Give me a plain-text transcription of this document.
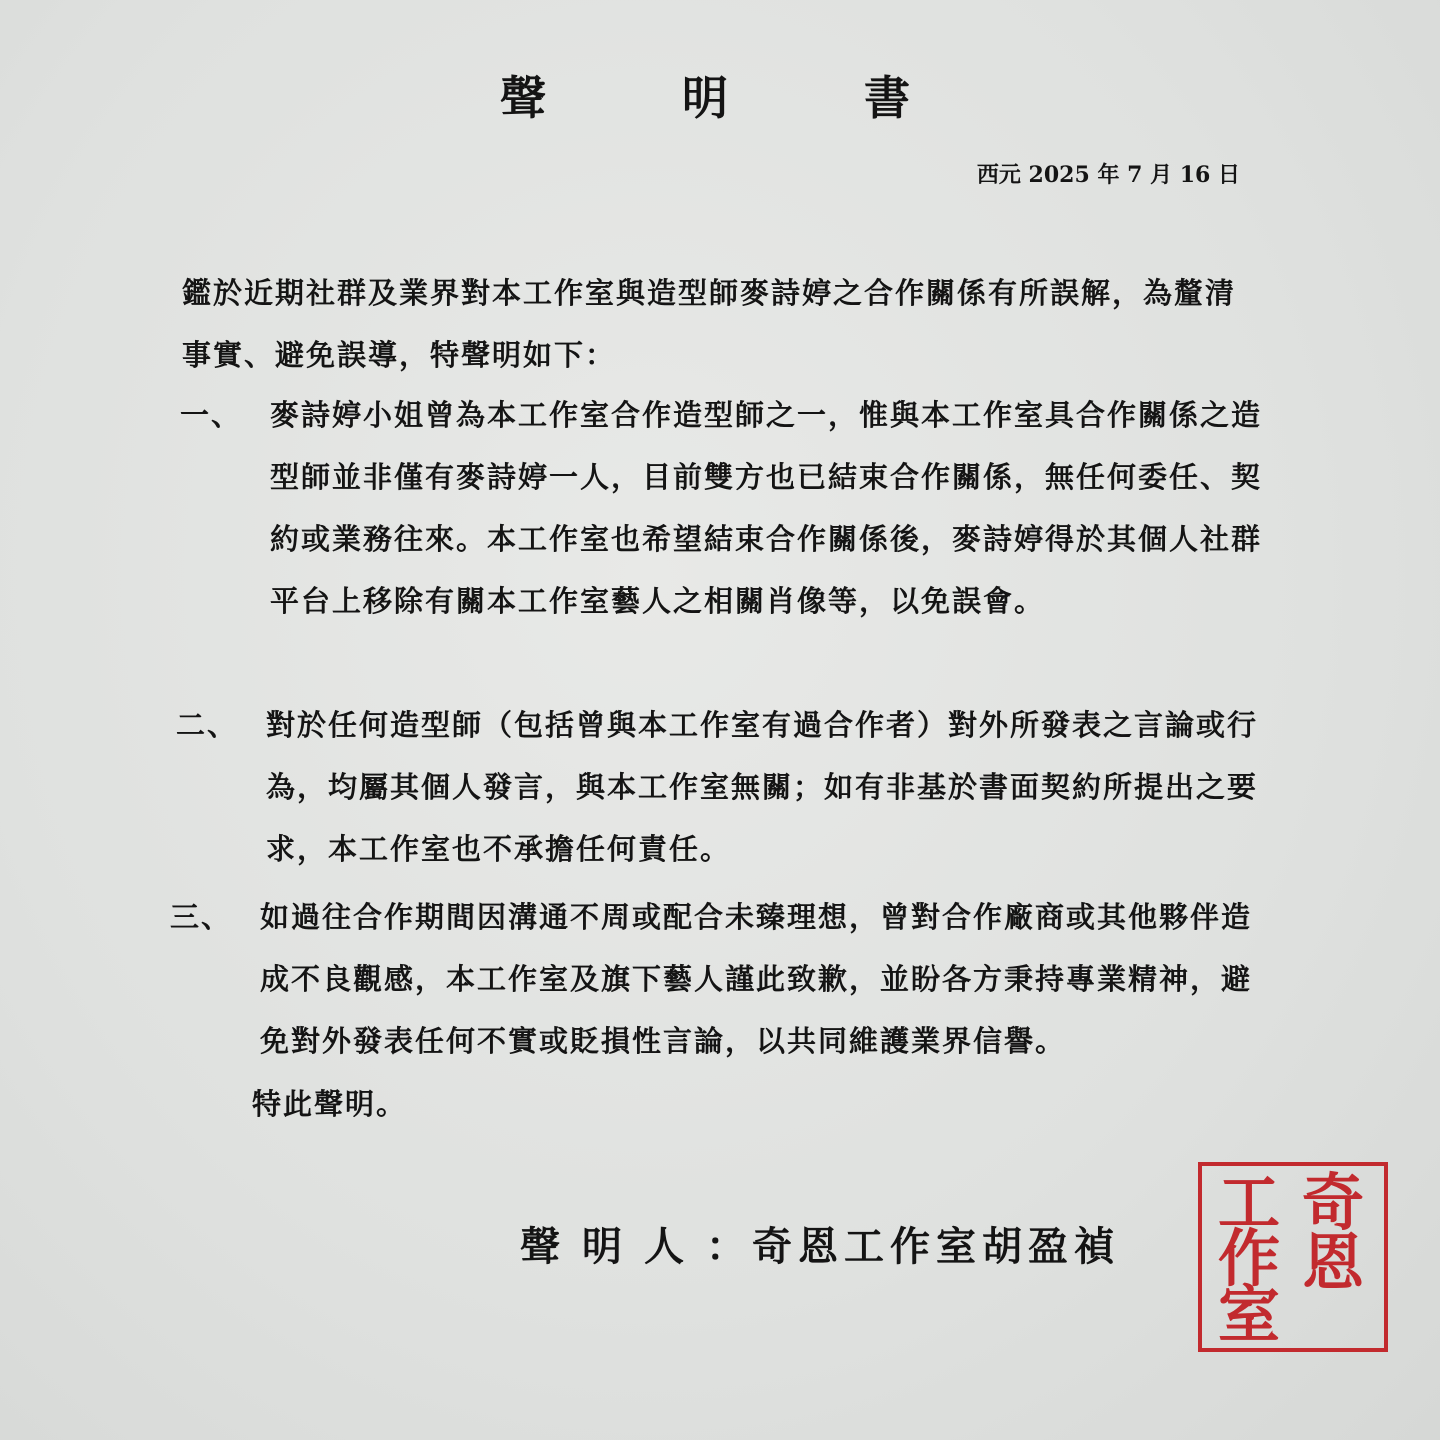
聲 明 書
西元 2025 年 7 月 16 日
鑑於近期社群及業界對本工作室與造型師麥詩婷之合作關係有所誤解，為釐清事實、避免誤導，特聲明如下：
一、 麥詩婷小姐曾為本工作室合作造型師之一，惟與本工作室具合作關係之造型師並非僅有麥詩婷一人，目前雙方也已結束合作關係，無任何委任、契約或業務往來。本工作室也希望結束合作關係後，麥詩婷得於其個人社群平台上移除有關本工作室藝人之相關肖像等，以免誤會。
二、 對於任何造型師（包括曾與本工作室有過合作者）對外所發表之言論或行為，均屬其個人發言，與本工作室無關；如有非基於書面契約所提出之要求，本工作室也不承擔任何責任。
三、 如過往合作期間因溝通不周或配合未臻理想，曾對合作廠商或其他夥伴造成不良觀感，本工作室及旗下藝人謹此致歉，並盼各方秉持專業精神，避免對外發表任何不實或貶損性言論，以共同維護業界信譽。
特此聲明。
聲明人：奇恩工作室胡盈禎
奇
恩
工
作
室
